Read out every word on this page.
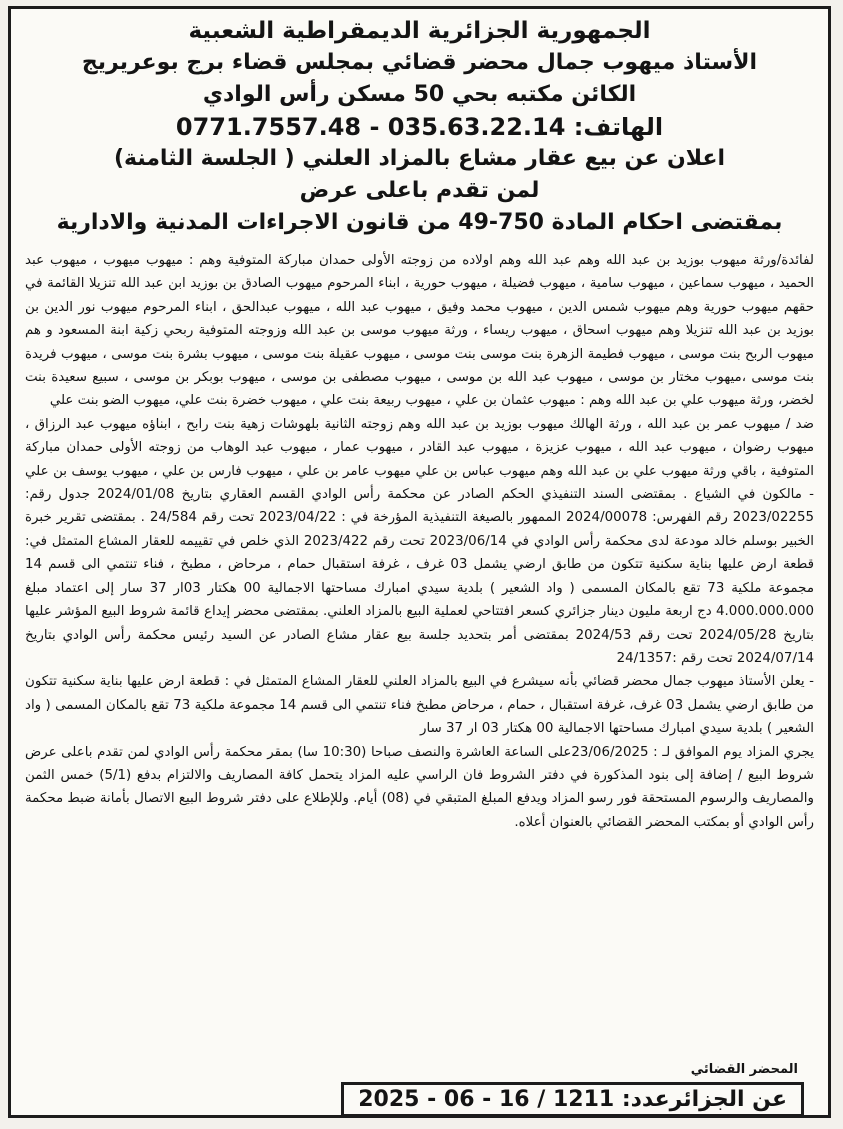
الجمهورية الجزائرية الديمقراطية الشعبية
الأستاذ ميهوب جمال محضر قضائي بمجلس قضاء برج بوعريريج
الكائن مكتبه بحي 50 مسكن رأس الوادي
الهاتف: 0771.7557.48 - 035.63.22.14
اعلان عن بيع عقار مشاع بالمزاد العلني ( الجلسة الثامنة)
لمن تقدم باعلى عرض
بمقتضى احكام المادة 750-49 من قانون الاجراءات المدنية والادارية

لفائدة/ورثة ميهوب بوزيد بن عبد الله وهم عبد الله وهم اولاده من زوجته الأولى حمدان مباركة المتوفية وهم : ميهوب ميهوب ، ميهوب عبد الحميد ، ميهوب سماعين ، ميهوب سامية ، ميهوب فضيلة ، ميهوب حورية ، ابناء المرحوم ميهوب الصادق بن بوزيد ابن عبد الله تنزيلا القائمة في حقهم ميهوب حورية وهم ميهوب شمس الدين ، ميهوب محمد وفيق ، ميهوب عبد الله ، ميهوب عبدالحق ، ابناء المرحوم ميهوب نور الدين بن بوزيد بن عبد الله تنزيلا وهم ميهوب اسحاق ، ميهوب ريساء ، ورثة ميهوب موسى بن عبد الله وزوجته المتوفية ربحي زكية ابنة المسعود و هم ميهوب الربح بنت موسى ، ميهوب فطيمة الزهرة بنت موسى بنت موسى ، ميهوب عقيلة بنت موسى ، ميهوب بشرة بنت موسى ، ميهوب فريدة بنت موسى ،ميهوب مختار بن موسى ، ميهوب عبد الله بن موسى ، ميهوب مصطفى بن موسى ، ميهوب بوبكر بن موسى ، سبيع سعيدة بنت لخضر، ورثة ميهوب علي بن عبد الله وهم : ميهوب عثمان بن علي ، ميهوب ربيعة بنت علي ، ميهوب خضرة بنت علي، ميهوب الضو بنت علي

ضد / ميهوب عمر بن عبد الله ، ورثة الهالك ميهوب بوزيد بن عبد الله وهم زوجته الثانية بلهوشات زهية بنت رابح ، ابناؤه ميهوب عبد الرزاق ، ميهوب رضوان ، ميهوب عبد الله ، ميهوب عزيزة ، ميهوب عبد القادر ، ميهوب عمار ، ميهوب عبد الوهاب من زوجته الأولى حمدان مباركة المتوفية ، باقي ورثة ميهوب علي بن عبد الله وهم ميهوب عباس بن علي ميهوب عامر بن علي ، ميهوب فارس بن علي ، ميهوب يوسف بن علي - مالكون في الشياع . بمقتضى السند التنفيذي الحكم الصادر عن محكمة رأس الوادي القسم العقاري بتاريخ 2024/01/08 جدول رقم: 2023/02255 رقم الفهرس: 2024/00078 الممهور بالصيغة التنفيذية المؤرخة في : 2023/04/22 تحت رقم 24/584 . بمقتضى تقرير خبرة الخبير بوسلم خالد مودعة لدى محكمة رأس الوادي في 2023/06/14 تحت رقم 2023/422 الذي خلص في تقييمه للعقار المشاع المتمثل في: قطعة ارض عليها بناية سكنية تتكون من طابق ارضي يشمل 03 غرف ، غرفة استقبال حمام ، مرحاض ، مطبخ ، فناء تنتمي الى قسم 14 مجموعة ملكية 73 تقع بالمكان المسمى ( واد الشعير ) بلدية سيدي امبارك مساحتها الاجمالية 00 هكتار 03ار 37 سار إلى اعتماد مبلغ 4.000.000.000 دج اربعة مليون دينار جزائري كسعر افتتاحي لعملية البيع بالمزاد العلني. بمقتضى محضر إيداع قائمة شروط البيع المؤشر عليها بتاريخ 2024/05/28 تحت رقم 2024/53 بمقتضى أمر بتحديد جلسة بيع عقار مشاع الصادر عن السيد رئيس محكمة رأس الوادي بتاريخ 2024/07/14 تحت رقم :24/1357

- يعلن الأستاذ ميهوب جمال محضر قضائي بأنه سيشرع في البيع بالمزاد العلني للعقار المشاع المتمثل في : قطعة ارض عليها بناية سكنية تتكون من طابق ارضي يشمل 03 غرف، غرفة استقبال ، حمام ، مرحاض مطبخ فناء تنتمي الى قسم 14 مجموعة ملكية 73 تقع بالمكان المسمى ( واد الشعير ) بلدية سيدي امبارك مساحتها الاجمالية 00 هكتار 03 ار 37 سار

يجري المزاد يوم الموافق لـ : 23/06/2025على الساعة العاشرة والنصف صباحا (10:30 سا) بمقر محكمة رأس الوادي لمن تقدم باعلى عرض شروط البيع / إضافة إلى بنود المذكورة في دفتر الشروط فان الراسي عليه المزاد يتحمل كافة المصاريف والالتزام بدفع (5/1) خمس الثمن والمصاريف والرسوم المستحقة فور رسو المزاد ويدفع المبلغ المتبقي في (08) أيام. وللإطلاع على دفتر شروط البيع الاتصال بأمانة ضبط محكمة رأس الوادي أو بمكتب المحضر القضائي بالعنوان أعلاه.

المحضر القضائي
عن الجزائرعدد: 1211 / 16 - 06 - 2025
